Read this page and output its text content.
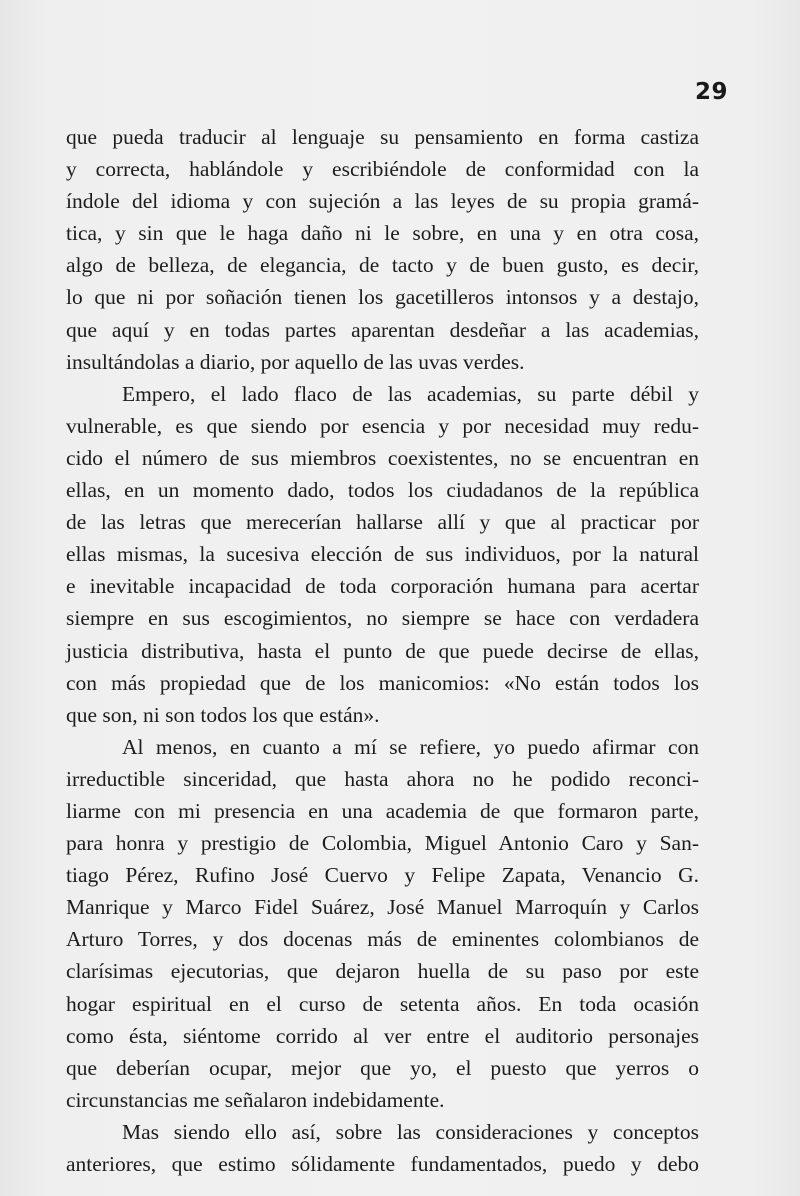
29
que pueda traducir al lenguaje su pensamiento en forma castiza
y correcta, hablándole y escribiéndole de conformidad con la
índole del idioma y con sujeción a las leyes de su propia gramá-
tica, y sin que le haga daño ni le sobre, en una y en otra cosa,
algo de belleza, de elegancia, de tacto y de buen gusto, es decir,
lo que ni por soñación tienen los gacetilleros intonsos y a destajo,
que aquí y en todas partes aparentan desdeñar a las academias,
insultándolas a diario, por aquello de las uvas verdes.
Empero, el lado flaco de las academias, su parte débil y
vulnerable, es que siendo por esencia y por necesidad muy redu-
cido el número de sus miembros coexistentes, no se encuentran en
ellas, en un momento dado, todos los ciudadanos de la república
de las letras que merecerían hallarse allí y que al practicar por
ellas mismas, la sucesiva elección de sus individuos, por la natural
e inevitable incapacidad de toda corporación humana para acertar
siempre en sus escogimientos, no siempre se hace con verdadera
justicia distributiva, hasta el punto de que puede decirse de ellas,
con más propiedad que de los manicomios: «No están todos los
que son, ni son todos los que están».
Al menos, en cuanto a mí se refiere, yo puedo afirmar con
irreductible sinceridad, que hasta ahora no he podido reconci-
liarme con mi presencia en una academia de que formaron parte,
para honra y prestigio de Colombia, Miguel Antonio Caro y San-
tiago Pérez, Rufino José Cuervo y Felipe Zapata, Venancio G.
Manrique y Marco Fidel Suárez, José Manuel Marroquín y Carlos
Arturo Torres, y dos docenas más de eminentes colombianos de
clarísimas ejecutorias, que dejaron huella de su paso por este
hogar espiritual en el curso de setenta años. En toda ocasión
como ésta, siéntome corrido al ver entre el auditorio personajes
que deberían ocupar, mejor que yo, el puesto que yerros o
circunstancias me señalaron indebidamente.
Mas siendo ello así, sobre las consideraciones y conceptos
anteriores, que estimo sólidamente fundamentados, puedo y debo
